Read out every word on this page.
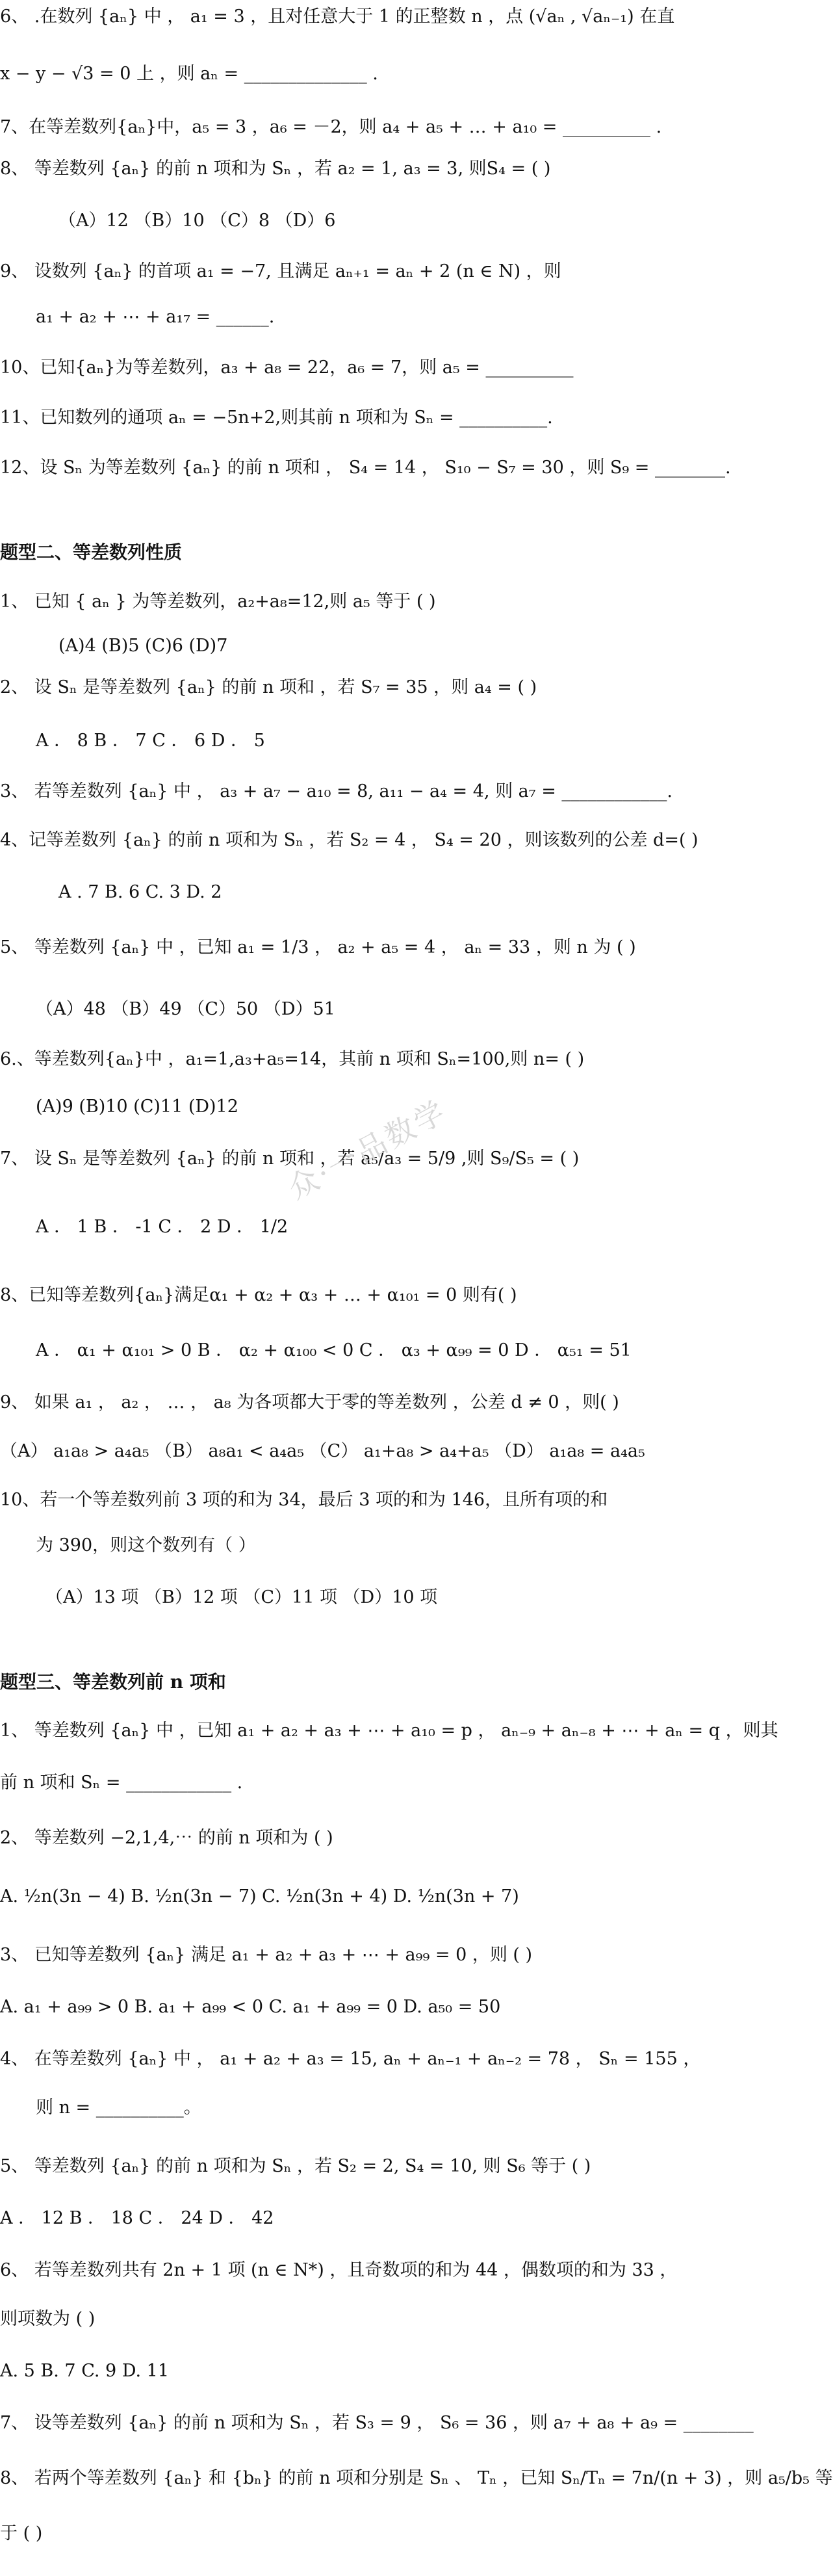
6、 .在数列 {aₙ} 中 ， a₁ = 3 ，且对任意大于 1 的正整数 n ，点 (√aₙ , √aₙ₋₁) 在直
x − y − √3 = 0 上 ，则 aₙ = ______________ .
7、在等差数列{aₙ}中，a₅ = 3 ，a₆ = －2，则 a₄ + a₅ + … + a₁₀ = __________ .
8、 等差数列 {aₙ} 的前 n 项和为 Sₙ ，若 a₂ = 1, a₃ = 3, 则S₄ = ( )
（A）12 （B）10 （C）8 （D）6
9、 设数列 {aₙ} 的首项 a₁ = −7, 且满足 aₙ₊₁ = aₙ + 2 (n ∈ N) ，则
a₁ + a₂ + ⋯ + a₁₇ = ______.
10、已知{aₙ}为等差数列，a₃ + a₈ = 22，a₆ = 7，则 a₅ = __________
11、已知数列的通项 aₙ = −5n+2,则其前 n 项和为 Sₙ = __________.
12、设 Sₙ 为等差数列 {aₙ} 的前 n 项和 ， S₄ = 14 ， S₁₀ − S₇ = 30 ，则 S₉ = ________.
题型二、等差数列性质
1、 已知 { aₙ } 为等差数列，a₂+a₈=12,则 a₅ 等于 ( )
(A)4 (B)5 (C)6 (D)7
2、 设 Sₙ 是等差数列 {aₙ} 的前 n 项和 ，若 S₇ = 35 ，则 a₄ = ( )
A ． 8 B ． 7 C ． 6 D ． 5
3、 若等差数列 {aₙ} 中 ， a₃ + a₇ − a₁₀ = 8, a₁₁ − a₄ = 4, 则 a₇ = ____________.
4、记等差数列 {aₙ} 的前 n 项和为 Sₙ ，若 S₂ = 4 ， S₄ = 20 ，则该数列的公差 d=( )
A . 7 B. 6 C. 3 D. 2
5、 等差数列 {aₙ} 中 ，已知 a₁ = 1/3 ， a₂ + a₅ = 4 ， aₙ = 33 ，则 n 为 ( )
（A）48 （B）49 （C）50 （D）51
6.、等差数列{aₙ}中 ，a₁=1,a₃+a₅=14，其前 n 项和 Sₙ=100,则 n= ( )
(A)9 (B)10 (C)11 (D)12
7、 设 Sₙ 是等差数列 {aₙ} 的前 n 项和 ，若 a₅/a₃ = 5/9 ,则 S₉/S₅ = ( )
A ． 1 B ． -1 C ． 2 D ． 1/2
8、已知等差数列{aₙ}满足α₁ + α₂ + α₃ + … + α₁₀₁ = 0 则有( )
A ． α₁ + α₁₀₁ > 0 B ． α₂ + α₁₀₀ < 0 C ． α₃ + α₉₉ = 0 D ． α₅₁ = 51
9、 如果 a₁ ， a₂ ， … ， a₈ 为各项都大于零的等差数列 ，公差 d ≠ 0 ，则( )
（A） a₁a₈ > a₄a₅ （B） a₈a₁ < a₄a₅ （C） a₁+a₈ > a₄+a₅ （D） a₁a₈ = a₄a₅
10、若一个等差数列前 3 项的和为 34，最后 3 项的和为 146，且所有项的和
为 390，则这个数列有（ ）
（A）13 项 （B）12 项 （C）11 项 （D）10 项
题型三、等差数列前 n 项和
1、 等差数列 {aₙ} 中 ，已知 a₁ + a₂ + a₃ + ⋯ + a₁₀ = p ， aₙ₋₉ + aₙ₋₈ + ⋯ + aₙ = q ，则其
前 n 项和 Sₙ = ____________ .
2、 等差数列 −2,1,4,⋯ 的前 n 项和为 ( )
A. ½n(3n − 4) B. ½n(3n − 7) C. ½n(3n + 4) D. ½n(3n + 7)
3、 已知等差数列 {aₙ} 满足 a₁ + a₂ + a₃ + ⋯ + a₉₉ = 0 ，则 ( )
A. a₁ + a₉₉ > 0 B. a₁ + a₉₉ < 0 C. a₁ + a₉₉ = 0 D. a₅₀ = 50
4、 在等差数列 {aₙ} 中 ， a₁ + a₂ + a₃ = 15, aₙ + aₙ₋₁ + aₙ₋₂ = 78 ， Sₙ = 155 ，
则 n = __________。
5、 等差数列 {aₙ} 的前 n 项和为 Sₙ ，若 S₂ = 2, S₄ = 10, 则 S₆ 等于 ( )
A ． 12 B ． 18 C ． 24 D ． 42
6、 若等差数列共有 2n + 1 项 (n ∈ N*) ，且奇数项的和为 44 ，偶数项的和为 33 ，
则项数为 ( )
A. 5 B. 7 C. 9 D. 11
7、 设等差数列 {aₙ} 的前 n 项和为 Sₙ ，若 S₃ = 9 ， S₆ = 36 ，则 a₇ + a₈ + a₉ = ________
8、 若两个等差数列 {aₙ} 和 {bₙ} 的前 n 项和分别是 Sₙ 、 Tₙ ，已知 Sₙ/Tₙ = 7n/(n + 3) ，则 a₅/b₅ 等
于 ( )
众·一品数学
